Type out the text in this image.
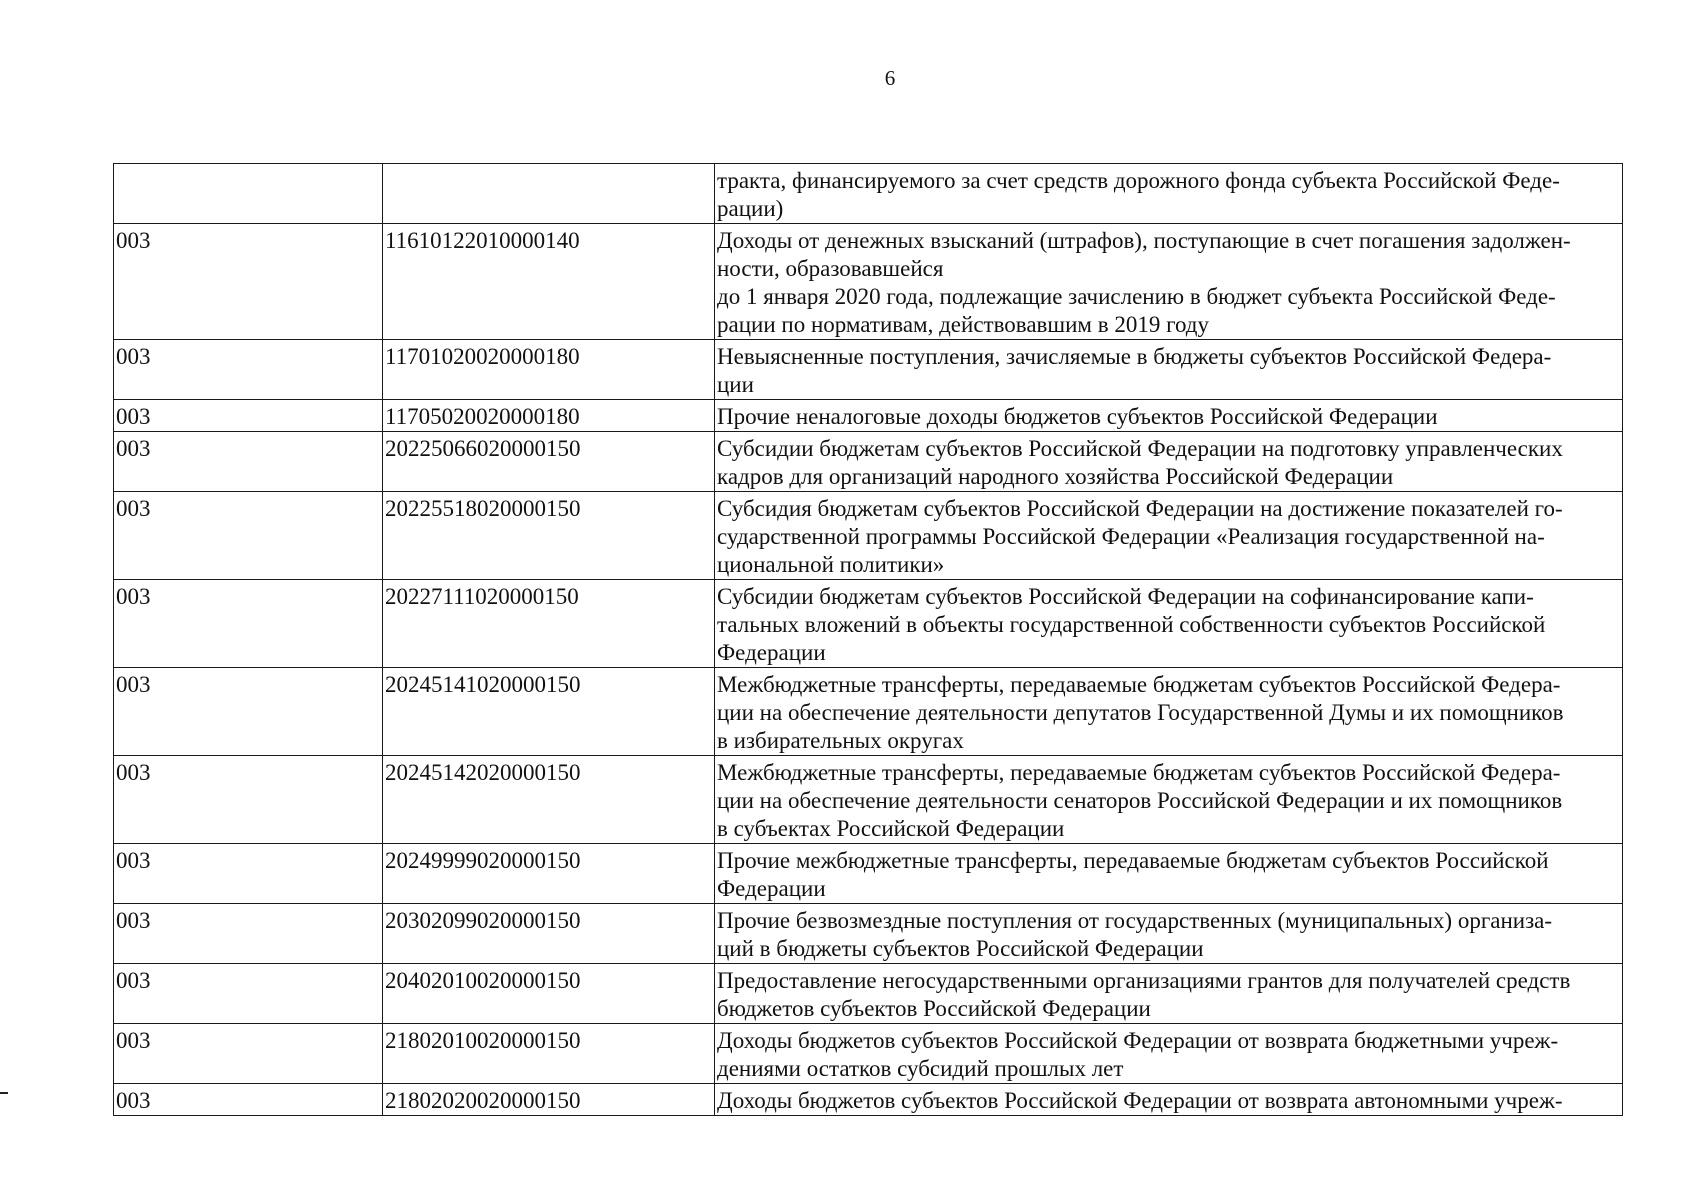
6

		тракта, финансируемого за счет средств дорожного фонда субъекта Российской Феде-
рации)

003	11610122010000140	Доходы от денежных взысканий (штрафов), поступающие в счет погашения задолжен-
ности, образовавшейся
до 1 января 2020 года, подлежащие зачислению в бюджет субъекта Российской Феде-
рации по нормативам, действовавшим в 2019 году

003	11701020020000180	Невыясненные поступления, зачисляемые в бюджеты субъектов Российской Федера-
ции

003	11705020020000180	Прочие неналоговые доходы бюджетов субъектов Российской Федерации

003	20225066020000150	Субсидии бюджетам субъектов Российской Федерации на подготовку управленческих
кадров для организаций народного хозяйства Российской Федерации

003	20225518020000150	Субсидия бюджетам субъектов Российской Федерации на достижение показателей го-
сударственной программы Российской Федерации «Реализация государственной на-
циональной политики»

003	20227111020000150	Субсидии бюджетам субъектов Российской Федерации на софинансирование капи-
тальных вложений в объекты государственной собственности субъектов Российской
Федерации

003	20245141020000150	Межбюджетные трансферты, передаваемые бюджетам субъектов Российской Федера-
ции на обеспечение деятельности депутатов Государственной Думы и их помощников
в избирательных округах

003	20245142020000150	Межбюджетные трансферты, передаваемые бюджетам субъектов Российской Федера-
ции на обеспечение деятельности сенаторов Российской Федерации и их помощников
в субъектах Российской Федерации

003	20249999020000150	Прочие межбюджетные трансферты, передаваемые бюджетам субъектов Российской
Федерации

003	20302099020000150	Прочие безвозмездные поступления от государственных (муниципальных) организа-
ций в бюджеты субъектов Российской Федерации

003	20402010020000150	Предоставление негосударственными организациями грантов для получателей средств
бюджетов субъектов Российской Федерации

003	21802010020000150	Доходы бюджетов субъектов Российской Федерации от возврата бюджетными учреж-
дениями остатков субсидий прошлых лет

003	21802020020000150	Доходы бюджетов субъектов Российской Федерации от возврата автономными учреж-
